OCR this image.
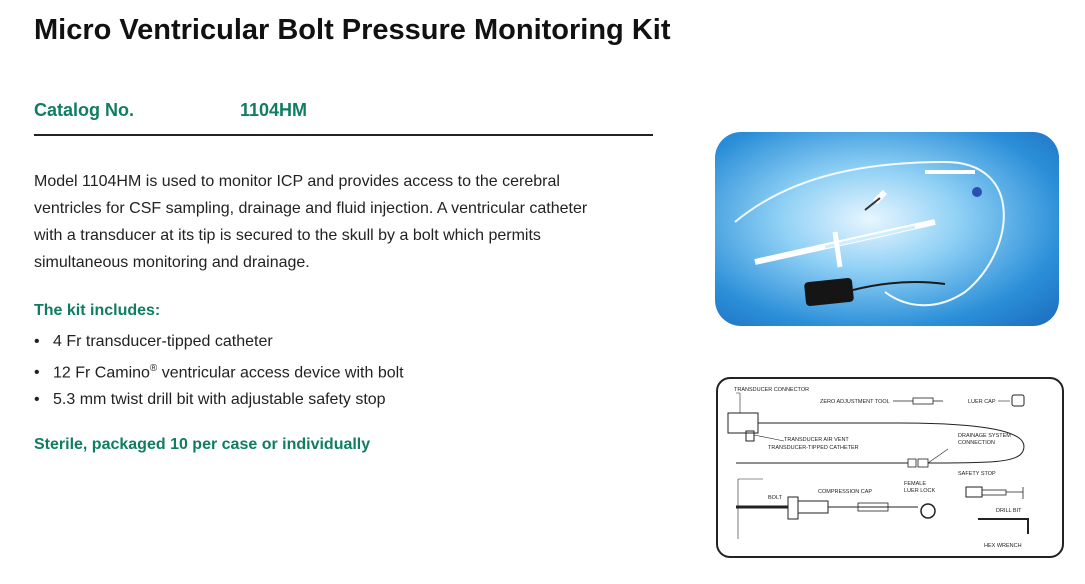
Micro Ventricular Bolt Pressure Monitoring Kit
Catalog No.	1104HM
Model 1104HM is used to monitor ICP and provides access to the cerebral
ventricles for CSF sampling, drainage and fluid injection. A ventricular catheter
with a transducer at its tip is secured to the skull by a bolt which permits
simultaneous monitoring and drainage.
The kit includes:
• 4 Fr transducer-tipped catheter
• 12 Fr Camino® ventricular access device with bolt
• 5.3 mm twist drill bit with adjustable safety stop
Sterile, packaged 10 per case or individually
TRANSDUCER CONNECTOR
ZERO ADJUSTMENT TOOL	LUER CAP
TRANSDUCER AIR VENT
TRANSDUCER-TIPPED CATHETER
DRAINAGE SYSTEM
CONNECTION
SAFETY STOP
DRILL BIT
HEX WRENCH
BOLT
COMPRESSION CAP
FEMALE
LUER LOCK
